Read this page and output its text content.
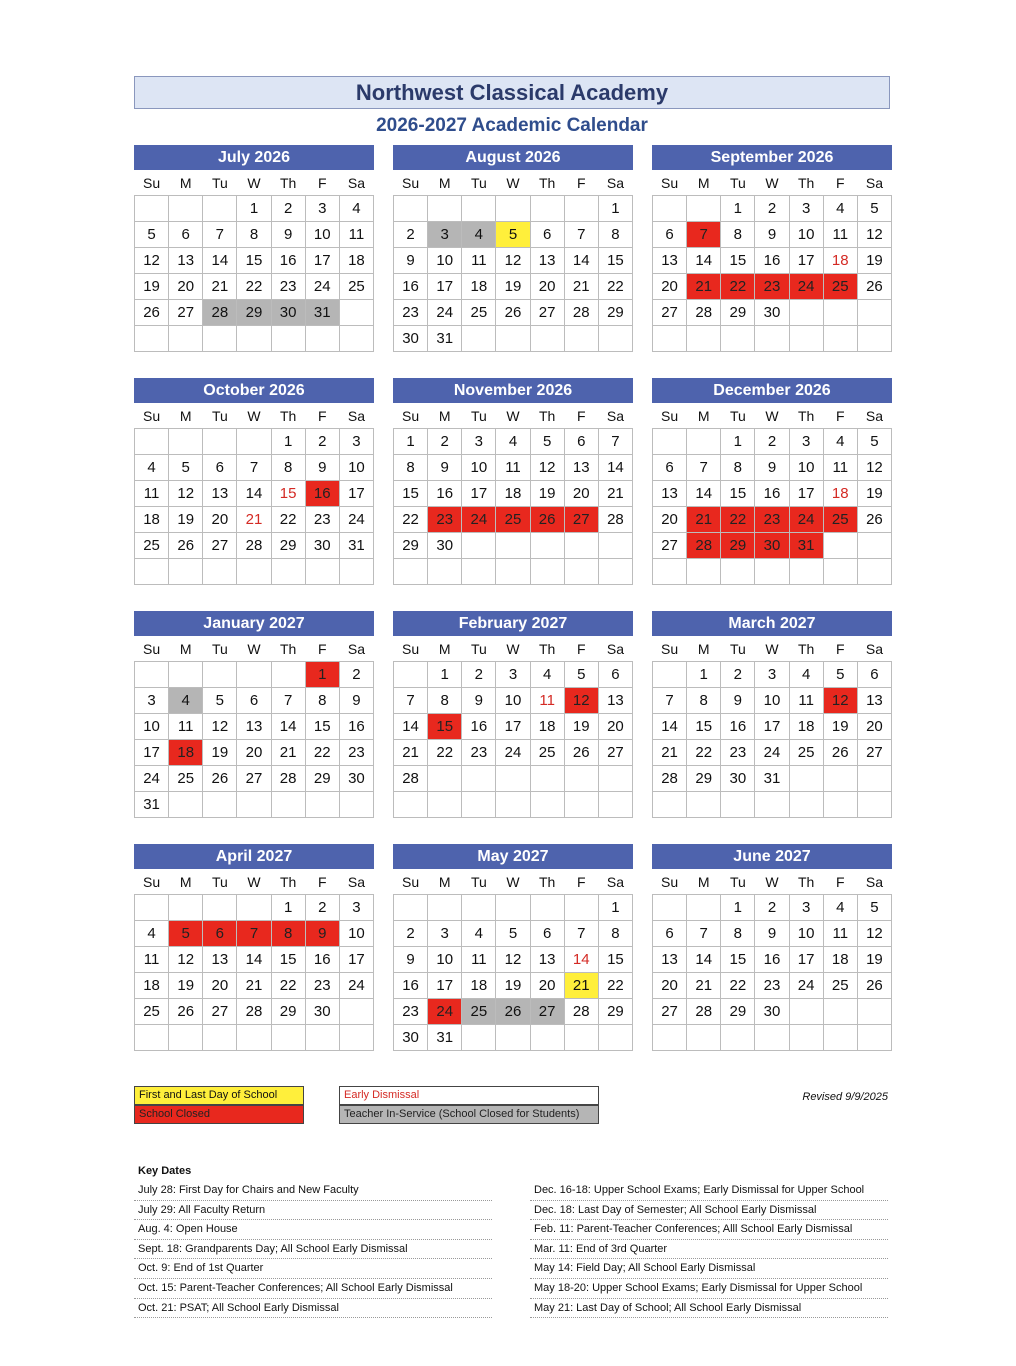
Northwest Classical Academy
2026-2027 Academic Calendar
July 2026
Su	M	Tu	W	Th	F	Sa
			1	2	3	4
5	6	7	8	9	10	11
12	13	14	15	16	17	18
19	20	21	22	23	24	25
26	27	28	29	30	31	

August 2026
Su	M	Tu	W	Th	F	Sa
						1
2	3	4	5	6	7	8
9	10	11	12	13	14	15
16	17	18	19	20	21	22
23	24	25	26	27	28	29
30	31					
September 2026
Su	M	Tu	W	Th	F	Sa
		1	2	3	4	5
6	7	8	9	10	11	12
13	14	15	16	17	18	19
20	21	22	23	24	25	26
27	28	29	30			

October 2026
Su	M	Tu	W	Th	F	Sa
				1	2	3
4	5	6	7	8	9	10
11	12	13	14	15	16	17
18	19	20	21	22	23	24
25	26	27	28	29	30	31

November 2026
Su	M	Tu	W	Th	F	Sa
1	2	3	4	5	6	7
8	9	10	11	12	13	14
15	16	17	18	19	20	21
22	23	24	25	26	27	28
29	30					

December 2026
Su	M	Tu	W	Th	F	Sa
		1	2	3	4	5
6	7	8	9	10	11	12
13	14	15	16	17	18	19
20	21	22	23	24	25	26
27	28	29	30	31		

January 2027
Su	M	Tu	W	Th	F	Sa
					1	2
3	4	5	6	7	8	9
10	11	12	13	14	15	16
17	18	19	20	21	22	23
24	25	26	27	28	29	30
31						
February 2027
Su	M	Tu	W	Th	F	Sa
	1	2	3	4	5	6
7	8	9	10	11	12	13
14	15	16	17	18	19	20
21	22	23	24	25	26	27
28						

March 2027
Su	M	Tu	W	Th	F	Sa
	1	2	3	4	5	6
7	8	9	10	11	12	13
14	15	16	17	18	19	20
21	22	23	24	25	26	27
28	29	30	31			

April 2027
Su	M	Tu	W	Th	F	Sa
				1	2	3
4	5	6	7	8	9	10
11	12	13	14	15	16	17
18	19	20	21	22	23	24
25	26	27	28	29	30	

May 2027
Su	M	Tu	W	Th	F	Sa
						1
2	3	4	5	6	7	8
9	10	11	12	13	14	15
16	17	18	19	20	21	22
23	24	25	26	27	28	29
30	31					
June 2027
Su	M	Tu	W	Th	F	Sa
		1	2	3	4	5
6	7	8	9	10	11	12
13	14	15	16	17	18	19
20	21	22	23	24	25	26
27	28	29	30			

First and Last Day of School
School Closed
Early Dismissal
Teacher In-Service (School Closed for Students)
Revised 9/9/2025
Key Dates
July 28: First Day for Chairs and New Faculty
July 29: All Faculty Return
Aug. 4: Open House
Sept. 18: Grandparents Day; All School Early Dismissal
Oct. 9: End of 1st Quarter
Oct. 15: Parent-Teacher Conferences; All School Early Dismissal
Oct. 21: PSAT; All School Early Dismissal
Dec. 16-18: Upper School Exams; Early Dismissal for Upper School
Dec. 18: Last Day of Semester; All School Early Dismissal
Feb. 11: Parent-Teacher Conferences; Alll School Early Dismissal
Mar. 11: End of 3rd Quarter
May 14: Field Day; All School Early Dismissal
May 18-20: Upper School Exams; Early Dismissal for Upper School
May 21: Last Day of School; All School Early Dismissal
